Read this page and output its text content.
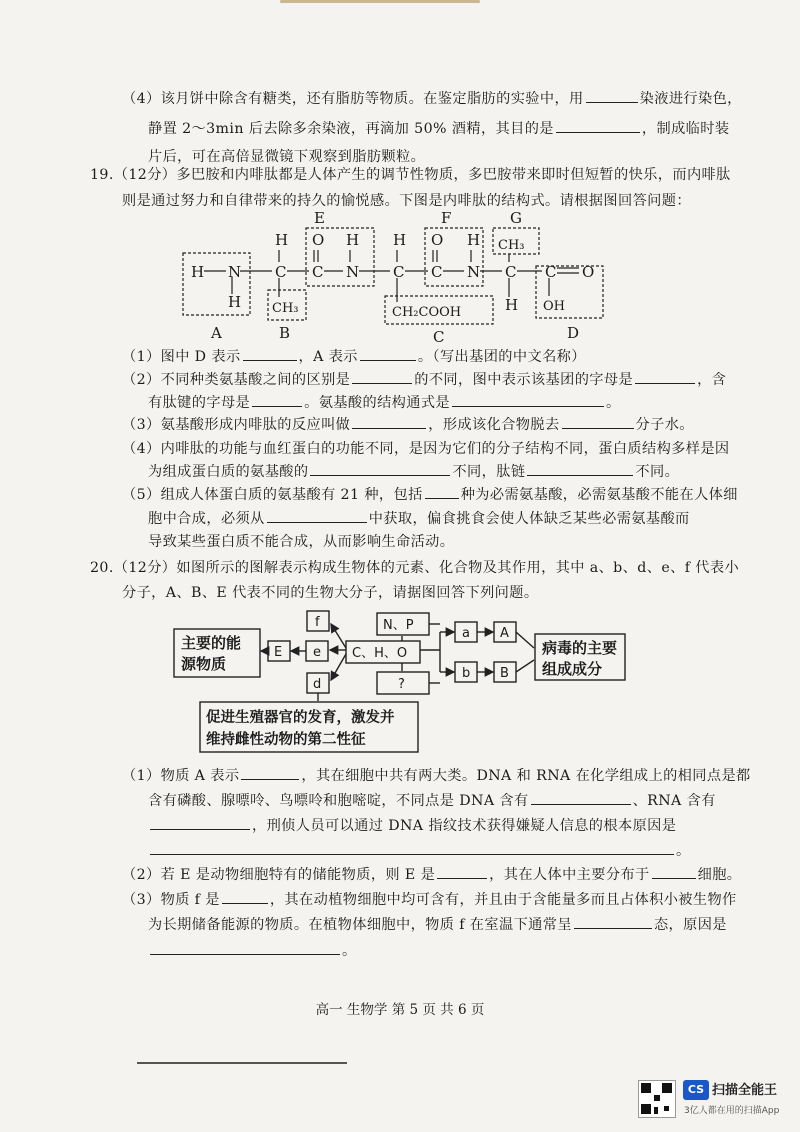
（4）该月饼中除含有糖类，还有脂肪等物质。在鉴定脂肪的实验中，用	染液进行染色，
静置 2～3min 后去除多余染液，再滴加 50% 酒精，其目的是	，制成临时装
片后，可在高倍显微镜下观察到脂肪颗粒。
19.（12分）多巴胺和内啡肽都是人体产生的调节性物质，多巴胺带来即时但短暂的快乐，而内啡肽
则是通过努力和自律带来的持久的愉悦感。下图是内啡肽的结构式。请根据图回答问题：
E	F	G
A	B	C	D
H N
H
C
H
CH₃
C
O
N
H
C
H
CH₂COOH
C
O
N
H
C
CH₃
H
C O
OH
（1）图中 D 表示	，A 表示	。（写出基团的中文名称）
（2）不同种类氨基酸之间的区别是	的不同，图中表示该基团的字母是	，含
有肽键的字母是	。氨基酸的结构通式是	。
（3）氨基酸形成内啡肽的反应叫做	，形成该化合物脱去	分子水。
（4）内啡肽的功能与血红蛋白的功能不同，是因为它们的分子结构不同，蛋白质结构多样是因
为组成蛋白质的氨基酸的	不同，肽链	不同。
（5）组成人体蛋白质的氨基酸有 21 种，包括	种为必需氨基酸，必需氨基酸不能在人体细
胞中合成，必须从	中获取，偏食挑食会使人体缺乏某些必需氨基酸而
导致某些蛋白质不能合成，从而影响生命活动。
20.（12分）如图所示的图解表示构成生物体的元素、化合物及其作用，其中 a、b、d、e、f 代表小
分子，A、B、E 代表不同的生物大分子，请据图回答下列问题。
主要的能
源物质
病毒的主要
组成成分
促进生殖器官的发育，激发并
维持雌性动物的第二性征
E e
f
d
N、P
C、H、O
?
a
b
A
B
（1）物质 A 表示	，其在细胞中共有两大类。DNA 和 RNA 在化学组成上的相同点是都
含有磷酸、腺嘌呤、鸟嘌呤和胞嘧啶，不同点是 DNA 含有	、RNA 含有
，刑侦人员可以通过 DNA 指纹技术获得嫌疑人信息的根本原因是
。
（2）若 E 是动物细胞特有的储能物质，则 E 是	，其在人体中主要分布于	细胞。
（3）物质 f 是	，其在动植物细胞中均可含有，并且由于含能量多而且占体积小被生物作
为长期储备能源的物质。在植物体细胞中，物质 f 在室温下通常呈	态，原因是
。
高一 生物学 第 5 页 共 6 页
CS 扫描全能王
3亿人都在用的扫描App
